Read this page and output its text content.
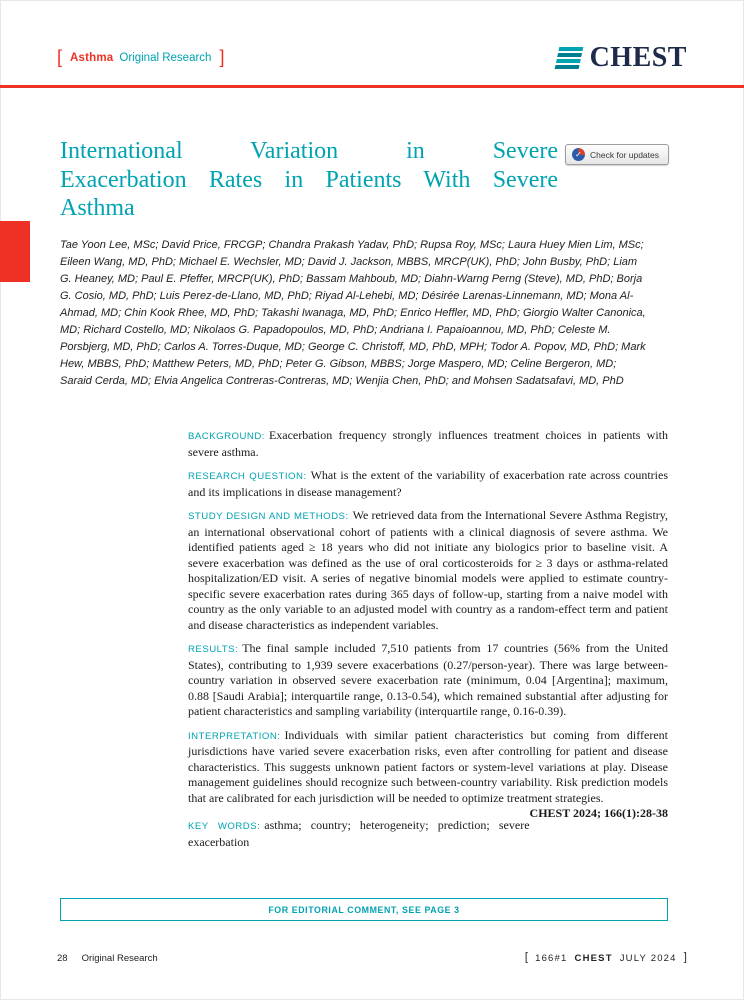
[ Asthma Original Research ]	CHEST
International Variation in Severe
Exacerbation Rates in Patients With Severe
Asthma
✓
Check for updates

Tae Yoon Lee, MSc; David Price, FRCGP; Chandra Prakash Yadav, PhD; Rupsa Roy, MSc; Laura Huey Mien Lim, MSc; Eileen Wang, MD, PhD; Michael E. Wechsler, MD; David J. Jackson, MBBS, MRCP(UK), PhD; John Busby, PhD; Liam G. Heaney, MD; Paul E. Pfeffer, MRCP(UK), PhD; Bassam Mahboub, MD; Diahn-Warng Perng (Steve), MD, PhD; Borja G. Cosio, MD, PhD; Luis Perez-de-Llano, MD, PhD; Riyad Al-Lehebi, MD; Désirée Larenas-Linnemann, MD; Mona Al-Ahmad, MD; Chin Kook Rhee, MD, PhD; Takashi Iwanaga, MD, PhD; Enrico Heffler, MD, PhD; Giorgio Walter Canonica, MD; Richard Costello, MD; Nikolaos G. Papadopoulos, MD, PhD; Andriana I. Papaioannou, MD, PhD; Celeste M. Porsbjerg, MD, PhD; Carlos A. Torres-Duque, MD; George C. Christoff, MD, PhD, MPH; Todor A. Popov, MD, PhD; Mark Hew, MBBS, PhD; Matthew Peters, MD, PhD; Peter G. Gibson, MBBS; Jorge Maspero, MD; Celine Bergeron, MD; Saraid Cerda, MD; Elvia Angelica Contreras-Contreras, MD; Wenjia Chen, PhD; and Mohsen Sadatsafavi, MD, PhD

BACKGROUND: Exacerbation frequency strongly influences treatment choices in patients with severe asthma.

RESEARCH QUESTION: What is the extent of the variability of exacerbation rate across countries and its implications in disease management?

STUDY DESIGN AND METHODS: We retrieved data from the International Severe Asthma Registry, an international observational cohort of patients with a clinical diagnosis of severe asthma. We identified patients aged ≥ 18 years who did not initiate any biologics prior to baseline visit. A severe exacerbation was defined as the use of oral corticosteroids for ≥ 3 days or asthma-related hospitalization/ED visit. A series of negative binomial models were applied to estimate country-specific severe exacerbation rates during 365 days of follow-up, starting from a naive model with country as the only variable to an adjusted model with country as a random-effect term and patient and disease characteristics as independent variables.

RESULTS: The final sample included 7,510 patients from 17 countries (56% from the United States), contributing to 1,939 severe exacerbations (0.27/person-year). There was large between-country variation in observed severe exacerbation rate (minimum, 0.04 [Argentina]; maximum, 0.88 [Saudi Arabia]; interquartile range, 0.13-0.54), which remained substantial after adjusting for patient characteristics and sampling variability (interquartile range, 0.16-0.39).

INTERPRETATION: Individuals with similar patient characteristics but coming from different jurisdictions have varied severe exacerbation risks, even after controlling for patient and disease characteristics. This suggests unknown patient factors or system-level variations at play. Disease management guidelines should recognize such between-country variability. Risk prediction models that are calibrated for each jurisdiction will be needed to optimize treatment strategies.
CHEST 2024; 166(1):28-38

KEY WORDS: asthma; country; heterogeneity; prediction; severe exacerbation

FOR EDITORIAL COMMENT, SEE PAGE 3
28 Original Research	[ 166#1 CHEST JULY 2024 ]
